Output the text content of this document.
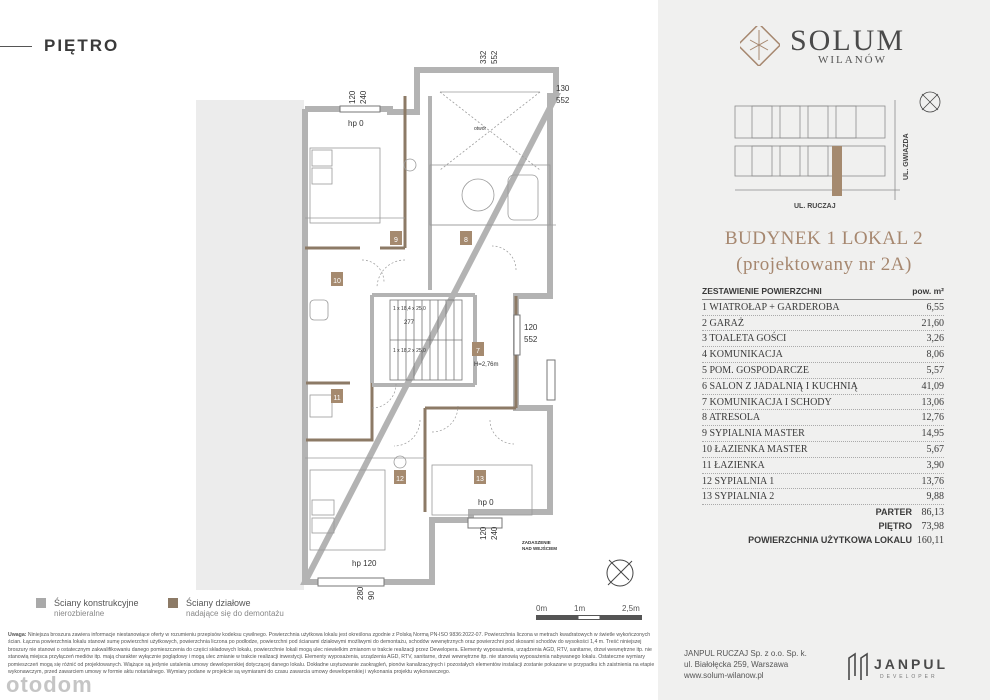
PIĘTRO
9	8
10
7
11
12	13
332 552
130
552
120 240
hp 0
120
552
hp 0
120 240
hp 120
280 90
1 x 18,4 x 25,0
277
1 x 18,2 x 25,0
H=2,76m
otwór
ZADASZENIE
NAD WEJŚCIEM
Ściany konstrukcyjne
nierozbieralne
Ściany działowe
nadające się do demontażu
0m	1m	2,5m
Uwaga: Niniejsza broszura zawiera informacje niestanowiące oferty w rozumieniu przepisów kodeksu cywilnego. Powierzchnia użytkowa lokalu jest określona zgodnie z Polską Normą PN-ISO 9836:2022-07. Powierzchnia liczona w metrach kwadratowych w świetle wykończonych ścian. Łączna powierzchnia lokalu stanowi sumę powierzchni użytkowych, powierzchnia liczona po podłodze, powierzchni pod ścianami działowymi możliwymi do demontażu, schodów wewnętrznych oraz powierzchni pod skosami schodów do wysokości 1,4 m. Treść niniejszej broszury nie stanowi o ostatecznym zakwalifikowaniu danego pomieszczenia do części składowych lokalu, powierzchnie lokali mogą ulec niewielkim zmianom w trakcie realizacji przez Dewelopera. Elementy wyposażenia, urządzenia AGD, RTV, sanitarne, drzwi wewnętrzne itp. nie stanowią miejsca przyłączeń mediów itp. mają charakter wyłącznie poglądowy i mogą ulec zmianie w trakcie realizacji inwestycji. Elementy wyposażenia, urządzenia AGD, RTV, sanitarne, drzwi wewnętrzne itp. nie stanowią wyposażenia nabywanego lokalu. Ostateczne wymiary pomieszczeń mogą się różnić od projektowanych. Wiążące są jedynie ustalenia umowy deweloperskiej dotyczącej danego lokalu. Dokładne usytuowanie zaokrągleń, pionów kanalizacyjnych i pozostałych elementów instalacji zostanie pokazane w przypadku ich zaistnienia na etapie wykonawczym, przed zawarciem umowy w formie aktu notarialnego. Wymiary podane w projekcie są wymiarami do czasu zawarcia umowy deweloperskiej i wykonania projektu wykonawczego.
otodom
SOLUM
WILANÓW
UL. RUCZAJ
UL. GWIAZDA
BUDYNEK 1 LOKAL 2
(projektowany nr 2A)
ZESTAWIENIE POWIERZCHNI	pow. m²
1 WIATROŁAP + GARDEROBA	6,55
2 GARAŻ	21,60
3 TOALETA GOŚCI	3,26
4 KOMUNIKACJA	8,06
5 POM. GOSPODARCZE	5,57
6 SALON Z JADALNIĄ I KUCHNIĄ	41,09
7 KOMUNIKACJA I SCHODY	13,06
8 ATRESOLA	12,76
9 SYPIALNIA MASTER	14,95
10 ŁAZIENKA MASTER	5,67
11 ŁAZIENKA	3,90
12 SYPIALNIA 1	13,76
13 SYPIALNIA 2	9,88
PARTER 86,13
PIĘTRO 73,98
POWIERZCHNIA UŻYTKOWA LOKALU 160,11
JANPUL RUCZAJ Sp. z o.o. Sp. k.
ul. Białołęcka 259, Warszawa
www.solum-wilanow.pl
JANPUL
DEVELOPER
